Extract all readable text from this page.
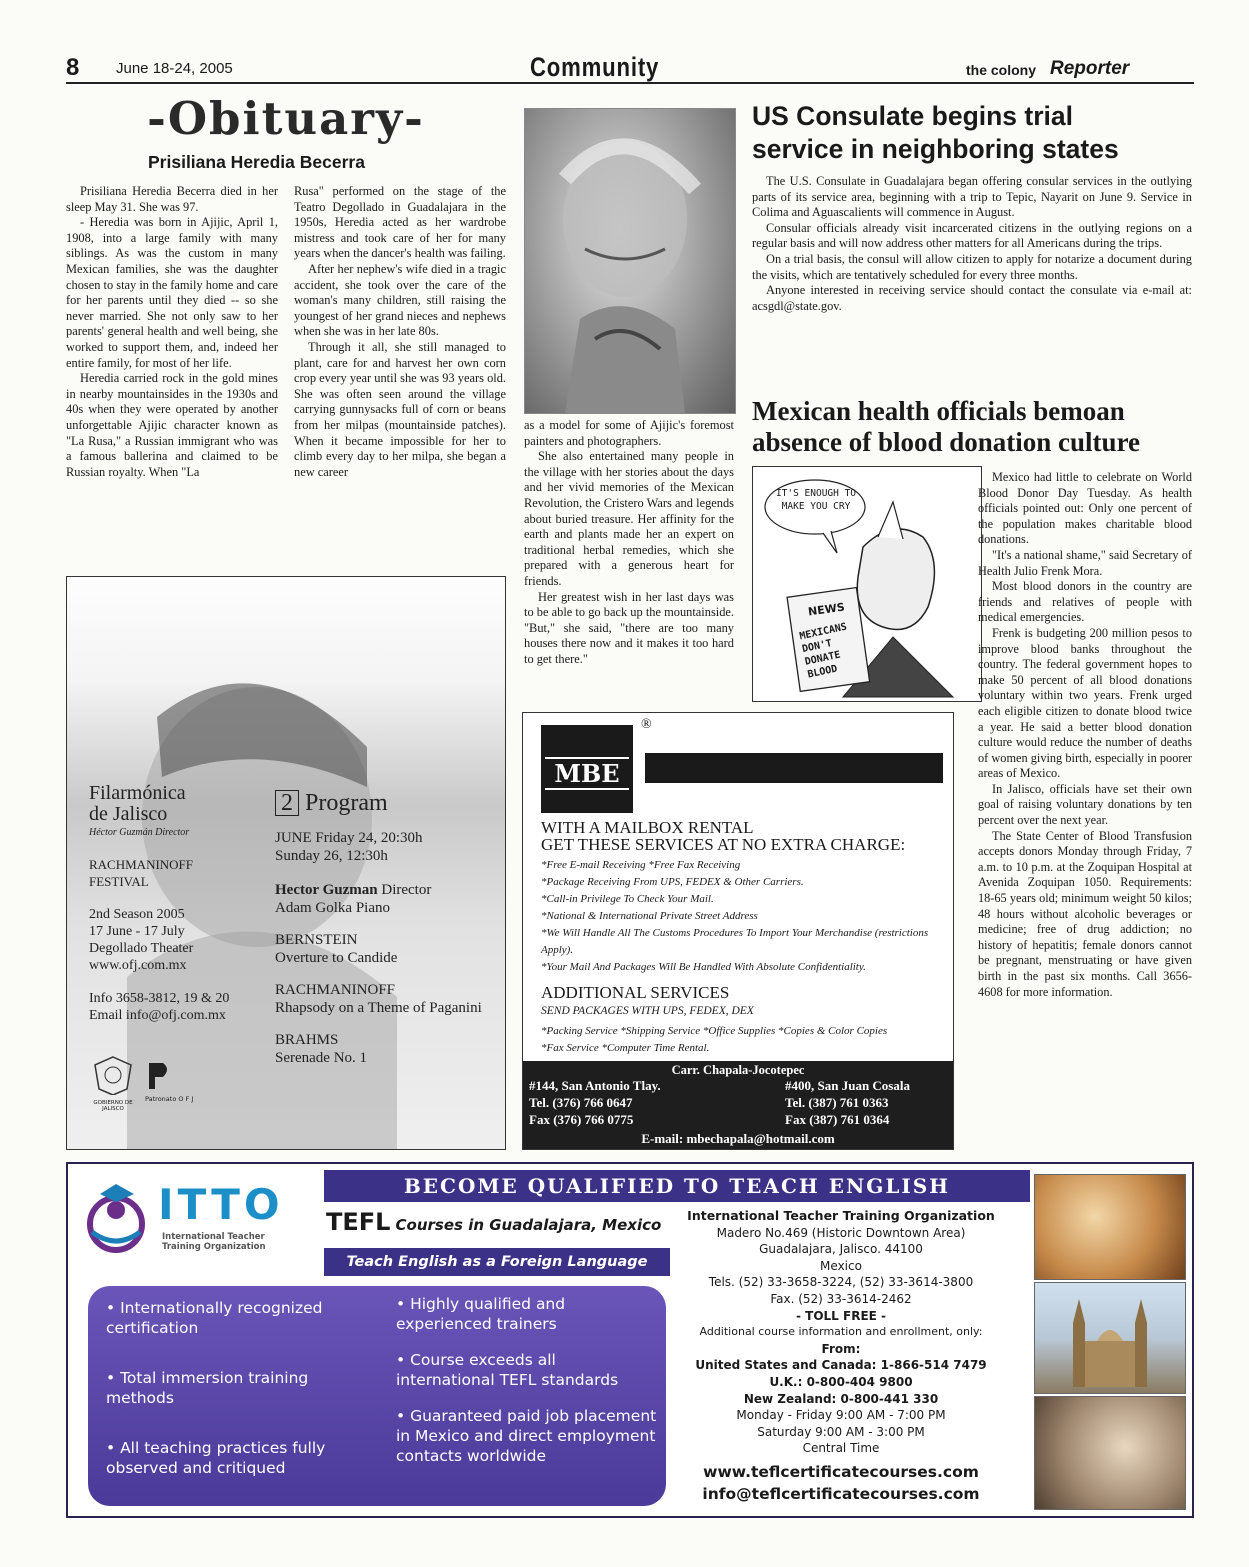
8 June 18-24, 2005	Community	the colony Reporter
-Obituary-
Prisiliana Heredia Becerra

Prisiliana Heredia Becerra died in her sleep May 31. She was 97.

- Heredia was born in Ajijic, April 1, 1908, into a large family with many siblings. As was the custom in many Mexican families, she was the daughter chosen to stay in the family home and care for her parents until they died -- so she never married. She not only saw to her parents' general health and well being, she worked to support them, and, indeed her entire family, for most of her life.

Heredia carried rock in the gold mines in nearby mountainsides in the 1930s and 40s when they were operated by another unforgettable Ajijic character known as "La Rusa," a Russian immigrant who was a famous ballerina and claimed to be Russian royalty. When "La

Rusa" performed on the stage of the Teatro Degollado in Guadalajara in the 1950s, Heredia acted as her wardrobe mistress and took care of her for many years when the dancer's health was failing.

After her nephew's wife died in a tragic accident, she took over the care of the woman's many children, still raising the youngest of her grand nieces and nephews when she was in her late 80s.

Through it all, she still managed to plant, care for and harvest her own corn crop every year until she was 93 years old. She was often seen around the village carrying gunnysacks full of corn or beans from her milpas (mountainside patches). When it became impossible for her to climb every day to her milpa, she began a new career

as a model for some of Ajijic's foremost painters and photographers.

She also entertained many people in the village with her stories about the days and her vivid memories of the Mexican Revolution, the Cristero Wars and legends about buried treasure. Her affinity for the earth and plants made her an expert on traditional herbal remedies, which she prepared with a generous heart for friends.

Her greatest wish in her last days was to be able to go back up the mountainside. "But," she said, "there are too many houses there now and it makes it too hard to get there."

US Consulate begins trial
service in neighboring states

The U.S. Consulate in Guadalajara began offering consular services in the outlying parts of its service area, beginning with a trip to Tepic, Nayarit on June 9. Service in Colima and Aguascalients will commence in August.

Consular officials already visit incarcerated citizens in the outlying regions on a regular basis and will now address other matters for all Americans during the trips.

On a trial basis, the consul will allow citizen to apply for notarize a document during the visits, which are tentatively scheduled for every three months.

Anyone interested in receiving service should contact the consulate via e-mail at: acsgdl@state.gov.

Mexican health officials bemoan
absence of blood donation culture
IT'S ENOUGH TO MAKE YOU CRY
NEWS
MEXICANS DON'T DONATE BLOOD

Mexico had little to celebrate on World Blood Donor Day Tuesday. As health officials pointed out: Only one percent of the population makes charitable blood donations.

"It's a national shame," said Secretary of Health Julio Frenk Mora.

Most blood donors in the country are friends and relatives of people with medical emergencies.

Frenk is budgeting 200 million pesos to improve blood banks throughout the country. The federal government hopes to make 50 percent of all blood donations voluntary within two years. Frenk urged each eligible citizen to donate blood twice a year. He said a better blood donation culture would reduce the number of deaths of women giving birth, especially in poorer areas of Mexico.

In Jalisco, officials have set their own goal of raising voluntary donations by ten percent over the next year.

The State Center of Blood Transfusion accepts donors Monday through Friday, 7 a.m. to 10 p.m. at the Zoquipan Hospital at Avenida Zoquipan 1050. Requirements: 18-65 years old; minimum weight 50 kilos; 48 hours without alcoholic beverages or medicine; free of drug addiction; no history of hepatitis; female donors cannot be pregnant, menstruating or have given birth in the past six months. Call 3656-4608 for more information.

Filarmónica
de Jalisco
Héctor Guzmán Director
RACHMANINOFF
FESTIVAL
2nd Season 2005
17 June - 17 July
Degollado Theater
www.ofj.com.mx
Info 3658-3812, 19 & 20
Email info@ofj.com.mx
GOBIERNO DE JALISCO
Patronato O F J
2 Program
JUNE Friday 24, 20:30h
Sunday 26, 12:30h
Hector Guzman Director
Adam Golka Piano
BERNSTEIN
Overture to Candide
RACHMANINOFF
Rhapsody on a Theme of Paganini
BRAHMS
Serenade No. 1
MBE
®
WITH A MAILBOX RENTAL
GET THESE SERVICES AT NO EXTRA CHARGE:

*Free E-mail Receiving *Free Fax Receiving

*Package Receiving From UPS, FEDEX & Other Carriers.

*Call-in Privilege To Check Your Mail.

*National & International Private Street Address

*We Will Handle All The Customs Procedures To Import Your Merchandise (restrictions Apply).

*Your Mail And Packages Will Be Handled With Absolute Confidentiality.

ADDITIONAL SERVICES
SEND PACKAGES WITH UPS, FEDEX, DEX

*Packing Service *Shipping Service *Office Supplies *Copies & Color Copies

*Fax Service *Computer Time Rental.

Carr. Chapala-Jocotepec
#144, San Antonio Tlay.
Tel. (376) 766 0647
Fax (376) 766 0775
#400, San Juan Cosala
Tel. (387) 761 0363
Fax (387) 761 0364
E-mail: mbechapala@hotmail.com
ITTO
International Teacher
Training Organization
BECOME QUALIFIED TO TEACH ENGLISH
TEFL Courses in Guadalajara, Mexico
Teach English as a Foreign Language

• Internationally recognized certification

• Total immersion training methods

• All teaching practices fully observed and critiqued

• Highly qualified and experienced trainers

• Course exceeds all international TEFL standards

• Guaranteed paid job placement in Mexico and direct employment contacts worldwide

International Teacher Training Organization

Madero No.469 (Historic Downtown Area)

Guadalajara, Jalisco. 44100

Mexico

Tels. (52) 33-3658-3224, (52) 33-3614-3800

Fax. (52) 33-3614-2462

- TOLL FREE -

Additional course information and enrollment, only:

From:

United States and Canada: 1-866-514 7479

U.K.: 0-800-404 9800

New Zealand: 0-800-441 330

Monday - Friday 9:00 AM - 7:00 PM

Saturday 9:00 AM - 3:00 PM

Central Time

www.teflcertificatecourses.com

info@teflcertificatecourses.com
